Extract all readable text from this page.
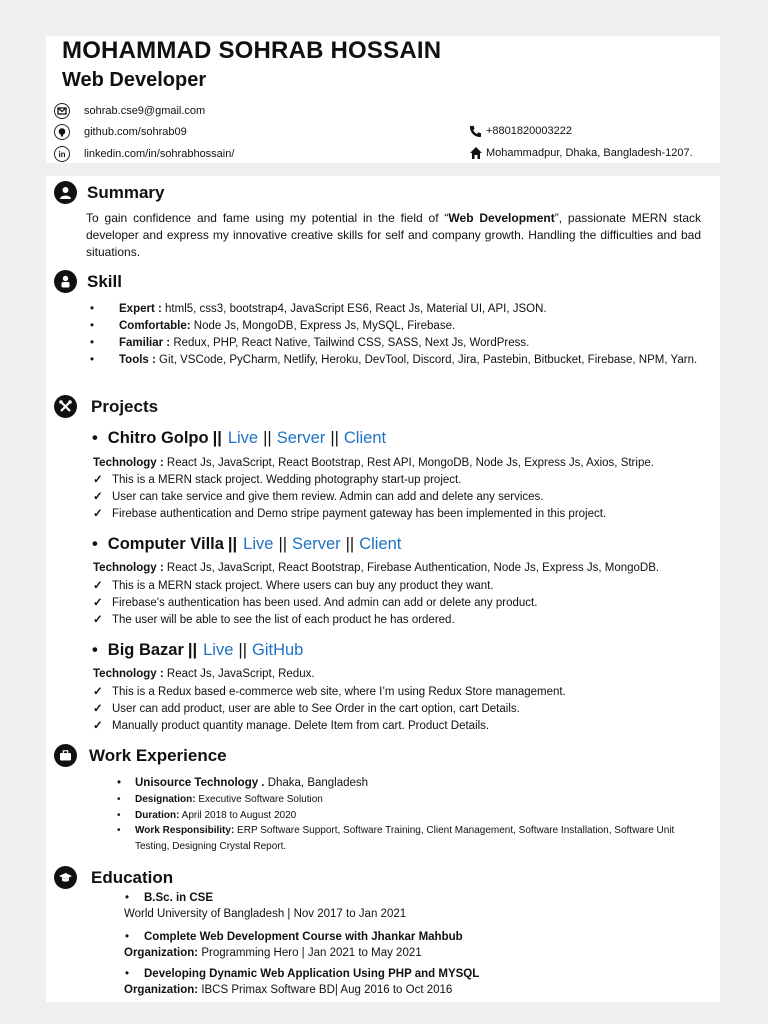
MOHAMMAD SOHRAB HOSSAIN
Web Developer
sohrab.cse9@gmail.com
github.com/sohrab09
in	linkedin.com/in/sohrabhossain/
+8801820003222
Mohammadpur, Dhaka, Bangladesh-1207.
Summary
To gain confidence and fame using my potential in the field of “Web Development”, passionate MERN stack developer and express my innovative creative skills for self and company growth. Handling the difficulties and bad situations.
Skill
• Expert : html5, css3, bootstrap4, JavaScript ES6, React Js, Material UI, API, JSON.
• Comfortable: Node Js, MongoDB, Express Js, MySQL, Firebase.
• Familiar : Redux, PHP, React Native, Tailwind CSS, SASS, Next Js, WordPress.
• Tools : Git, VSCode, PyCharm, Netlify, Heroku, DevTool, Discord, Jira, Pastebin, Bitbucket, Firebase, NPM, Yarn.
Projects
• Chitro Golpo || Live || Server || Client
Technology : React Js, JavaScript, React Bootstrap, Rest API, MongoDB, Node Js, Express Js, Axios, Stripe.
✓ This is a MERN stack project. Wedding photography start-up project.
✓ User can take service and give them review. Admin can add and delete any services.
✓ Firebase authentication and Demo stripe payment gateway has been implemented in this project.
• Computer Villa || Live || Server || Client
Technology : React Js, JavaScript, React Bootstrap, Firebase Authentication, Node Js, Express Js, MongoDB.
✓ This is a MERN stack project. Where users can buy any product they want.
✓ Firebase's authentication has been used. And admin can add or delete any product.
✓ The user will be able to see the list of each product he has ordered.
• Big Bazar || Live || GitHub
Technology : React Js, JavaScript, Redux.
✓ This is a Redux based e-commerce web site, where I’m using Redux Store management.
✓ User can add product, user are able to See Order in the cart option, cart Details.
✓ Manually product quantity manage. Delete Item from cart. Product Details.
Work Experience
• Unisource Technology . Dhaka, Bangladesh
• Designation: Executive Software Solution
• Duration: April 2018 to August 2020
• Work Responsibility: ERP Software Support, Software Training, Client Management, Software Installation, Software Unit Testing, Designing Crystal Report.
Education
• B.Sc. in CSE
World University of Bangladesh | Nov 2017 to Jan 2021
• Complete Web Development Course with Jhankar Mahbub
Organization: Programming Hero | Jan 2021 to May 2021
• Developing Dynamic Web Application Using PHP and MYSQL
Organization: IBCS Primax Software BD| Aug 2016 to Oct 2016
